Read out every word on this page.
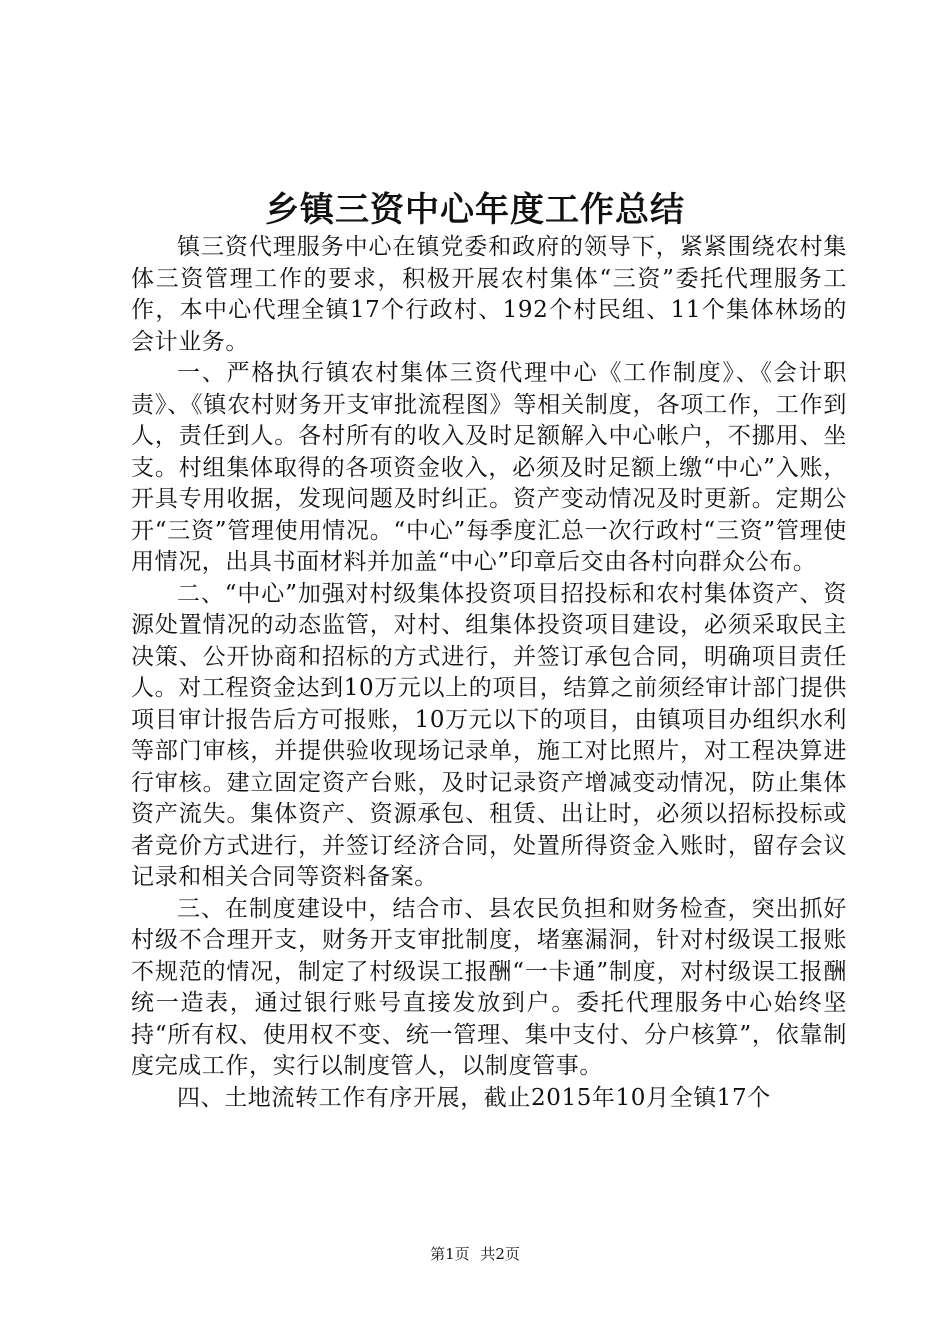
乡镇三资中心年度工作总结

镇三资代理服务中心在镇党委和政府的领导下，紧紧围绕农村集体三资管理工作的要求，积极开展农村集体“三资”委托代理服务工作，本中心代理全镇17个行政村、192个村民组、11个集体林场的会计业务。

一、严格执行镇农村集体三资代理中心《工作制度》、《会计职责》、《镇农村财务开支审批流程图》等相关制度，各项工作，工作到人，责任到人。各村所有的收入及时足额解入中心帐户，不挪用、坐支。村组集体取得的各项资金收入，必须及时足额上缴“中心”入账，开具专用收据，发现问题及时纠正。资产变动情况及时更新。定期公开“三资”管理使用情况。“中心”每季度汇总一次行政村“三资”管理使用情况，出具书面材料并加盖“中心”印章后交由各村向群众公布。

二、“中心”加强对村级集体投资项目招投标和农村集体资产、资源处置情况的动态监管，对村、组集体投资项目建设，必须采取民主决策、公开协商和招标的方式进行，并签订承包合同，明确项目责任人。对工程资金达到10万元以上的项目，结算之前须经审计部门提供项目审计报告后方可报账，10万元以下的项目，由镇项目办组织水利等部门审核，并提供验收现场记录单，施工对比照片，对工程决算进行审核。建立固定资产台账，及时记录资产增减变动情况，防止集体资产流失。集体资产、资源承包、租赁、出让时，必须以招标投标或者竞价方式进行，并签订经济合同，处置所得资金入账时，留存会议记录和相关合同等资料备案。

三、在制度建设中，结合市、县农民负担和财务检查，突出抓好村级不合理开支，财务开支审批制度，堵塞漏洞，针对村级误工报账不规范的情况，制定了村级误工报酬“一卡通”制度，对村级误工报酬统一造表，通过银行账号直接发放到户。委托代理服务中心始终坚持“所有权、使用权不变、统一管理、集中支付、分户核算”，依靠制度完成工作，实行以制度管人，以制度管事。

四、土地流转工作有序开展，截止2015年10月全镇17个

第1页 共2页
